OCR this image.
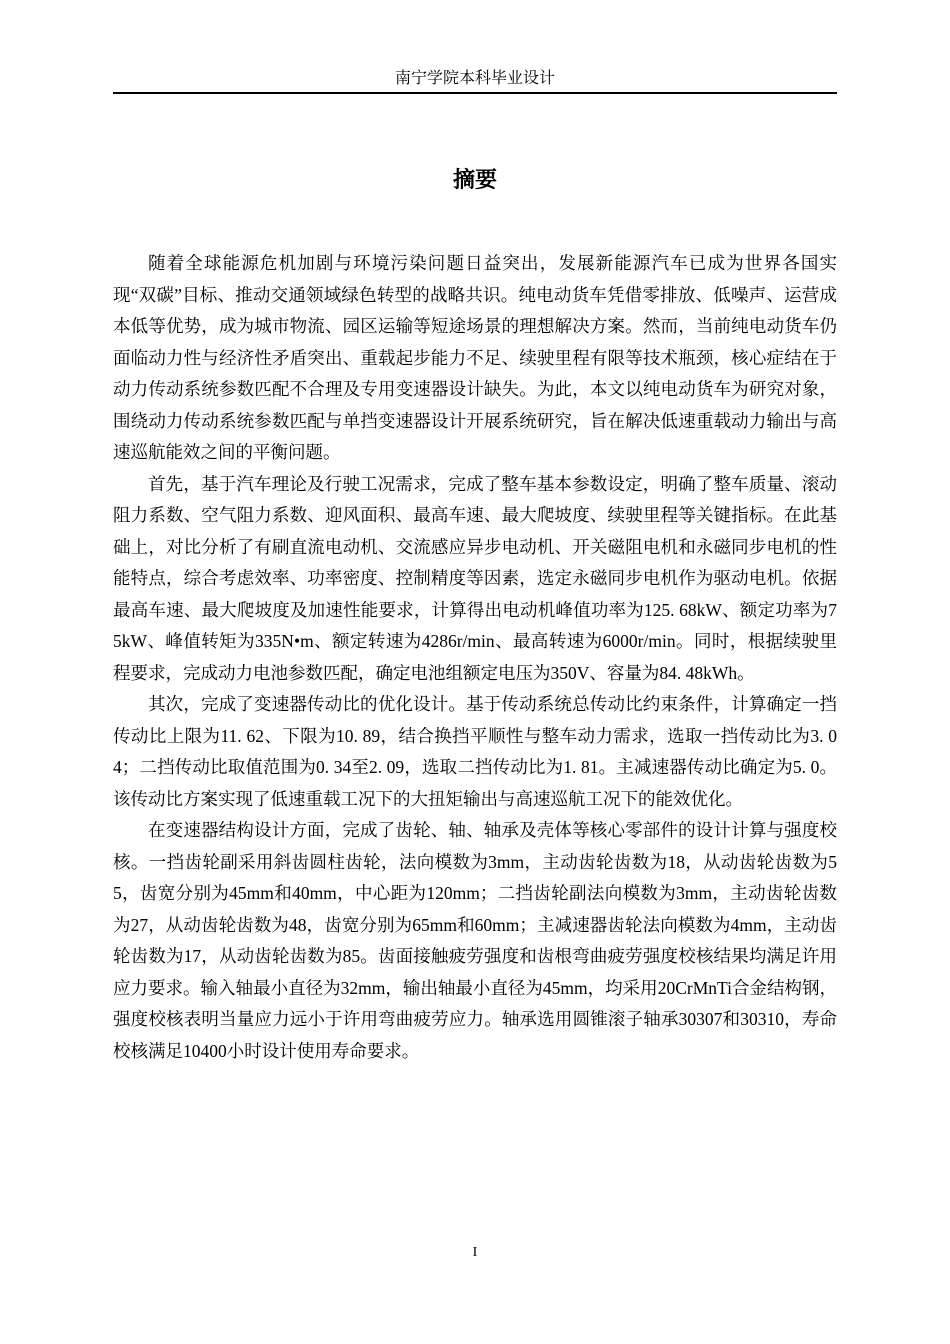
南宁学院本科毕业设计
摘要

随着全球能源危机加剧与环境污染问题日益突出，发展新能源汽车已成为世界各国实现“双碳”目标、推动交通领域绿色转型的战略共识。纯电动货车凭借零排放、低噪声、运营成本低等优势，成为城市物流、园区运输等短途场景的理想解决方案。然而，当前纯电动货车仍面临动力性与经济性矛盾突出、重载起步能力不足、续驶里程有限等技术瓶颈，核心症结在于动力传动系统参数匹配不合理及专用变速器设计缺失。为此，本文以纯电动货车为研究对象，围绕动力传动系统参数匹配与单挡变速器设计开展系统研究，旨在解决低速重载动力输出与高速巡航能效之间的平衡问题。

首先，基于汽车理论及行驶工况需求，完成了整车基本参数设定，明确了整车质量、滚动阻力系数、空气阻力系数、迎风面积、最高车速、最大爬坡度、续驶里程等关键指标。在此基础上，对比分析了有刷直流电动机、交流感应异步电动机、开关磁阻电机和永磁同步电机的性能特点，综合考虑效率、功率密度、控制精度等因素，选定永磁同步电机作为驱动电机。依据最高车速、最大爬坡度及加速性能要求，计算得出电动机峰值功率为125. 68kW、额定功率为75kW、峰值转矩为335N•m、额定转速为4286r/min、最高转速为6000r/min。同时，根据续驶里程要求，完成动力电池参数匹配，确定电池组额定电压为350V、容量为84. 48kWh。

其次，完成了变速器传动比的优化设计。基于传动系统总传动比约束条件，计算确定一挡传动比上限为11. 62、下限为10. 89，结合换挡平顺性与整车动力需求，选取一挡传动比为3. 04；二挡传动比取值范围为0. 34至2. 09，选取二挡传动比为1. 81。主减速器传动比确定为5. 0。该传动比方案实现了低速重载工况下的大扭矩输出与高速巡航工况下的能效优化。

在变速器结构设计方面，完成了齿轮、轴、轴承及壳体等核心零部件的设计计算与强度校核。一挡齿轮副采用斜齿圆柱齿轮，法向模数为3mm，主动齿轮齿数为18，从动齿轮齿数为55，齿宽分别为45mm和40mm，中心距为120mm；二挡齿轮副法向模数为3mm，主动齿轮齿数为27，从动齿轮齿数为48，齿宽分别为65mm和60mm；主减速器齿轮法向模数为4mm，主动齿轮齿数为17，从动齿轮齿数为85。齿面接触疲劳强度和齿根弯曲疲劳强度校核结果均满足许用应力要求。输入轴最小直径为32mm，输出轴最小直径为45mm，均采用20CrMnTi合金结构钢，强度校核表明当量应力远小于许用弯曲疲劳应力。轴承选用圆锥滚子轴承30307和30310，寿命校核满足10400小时设计使用寿命要求。

I
